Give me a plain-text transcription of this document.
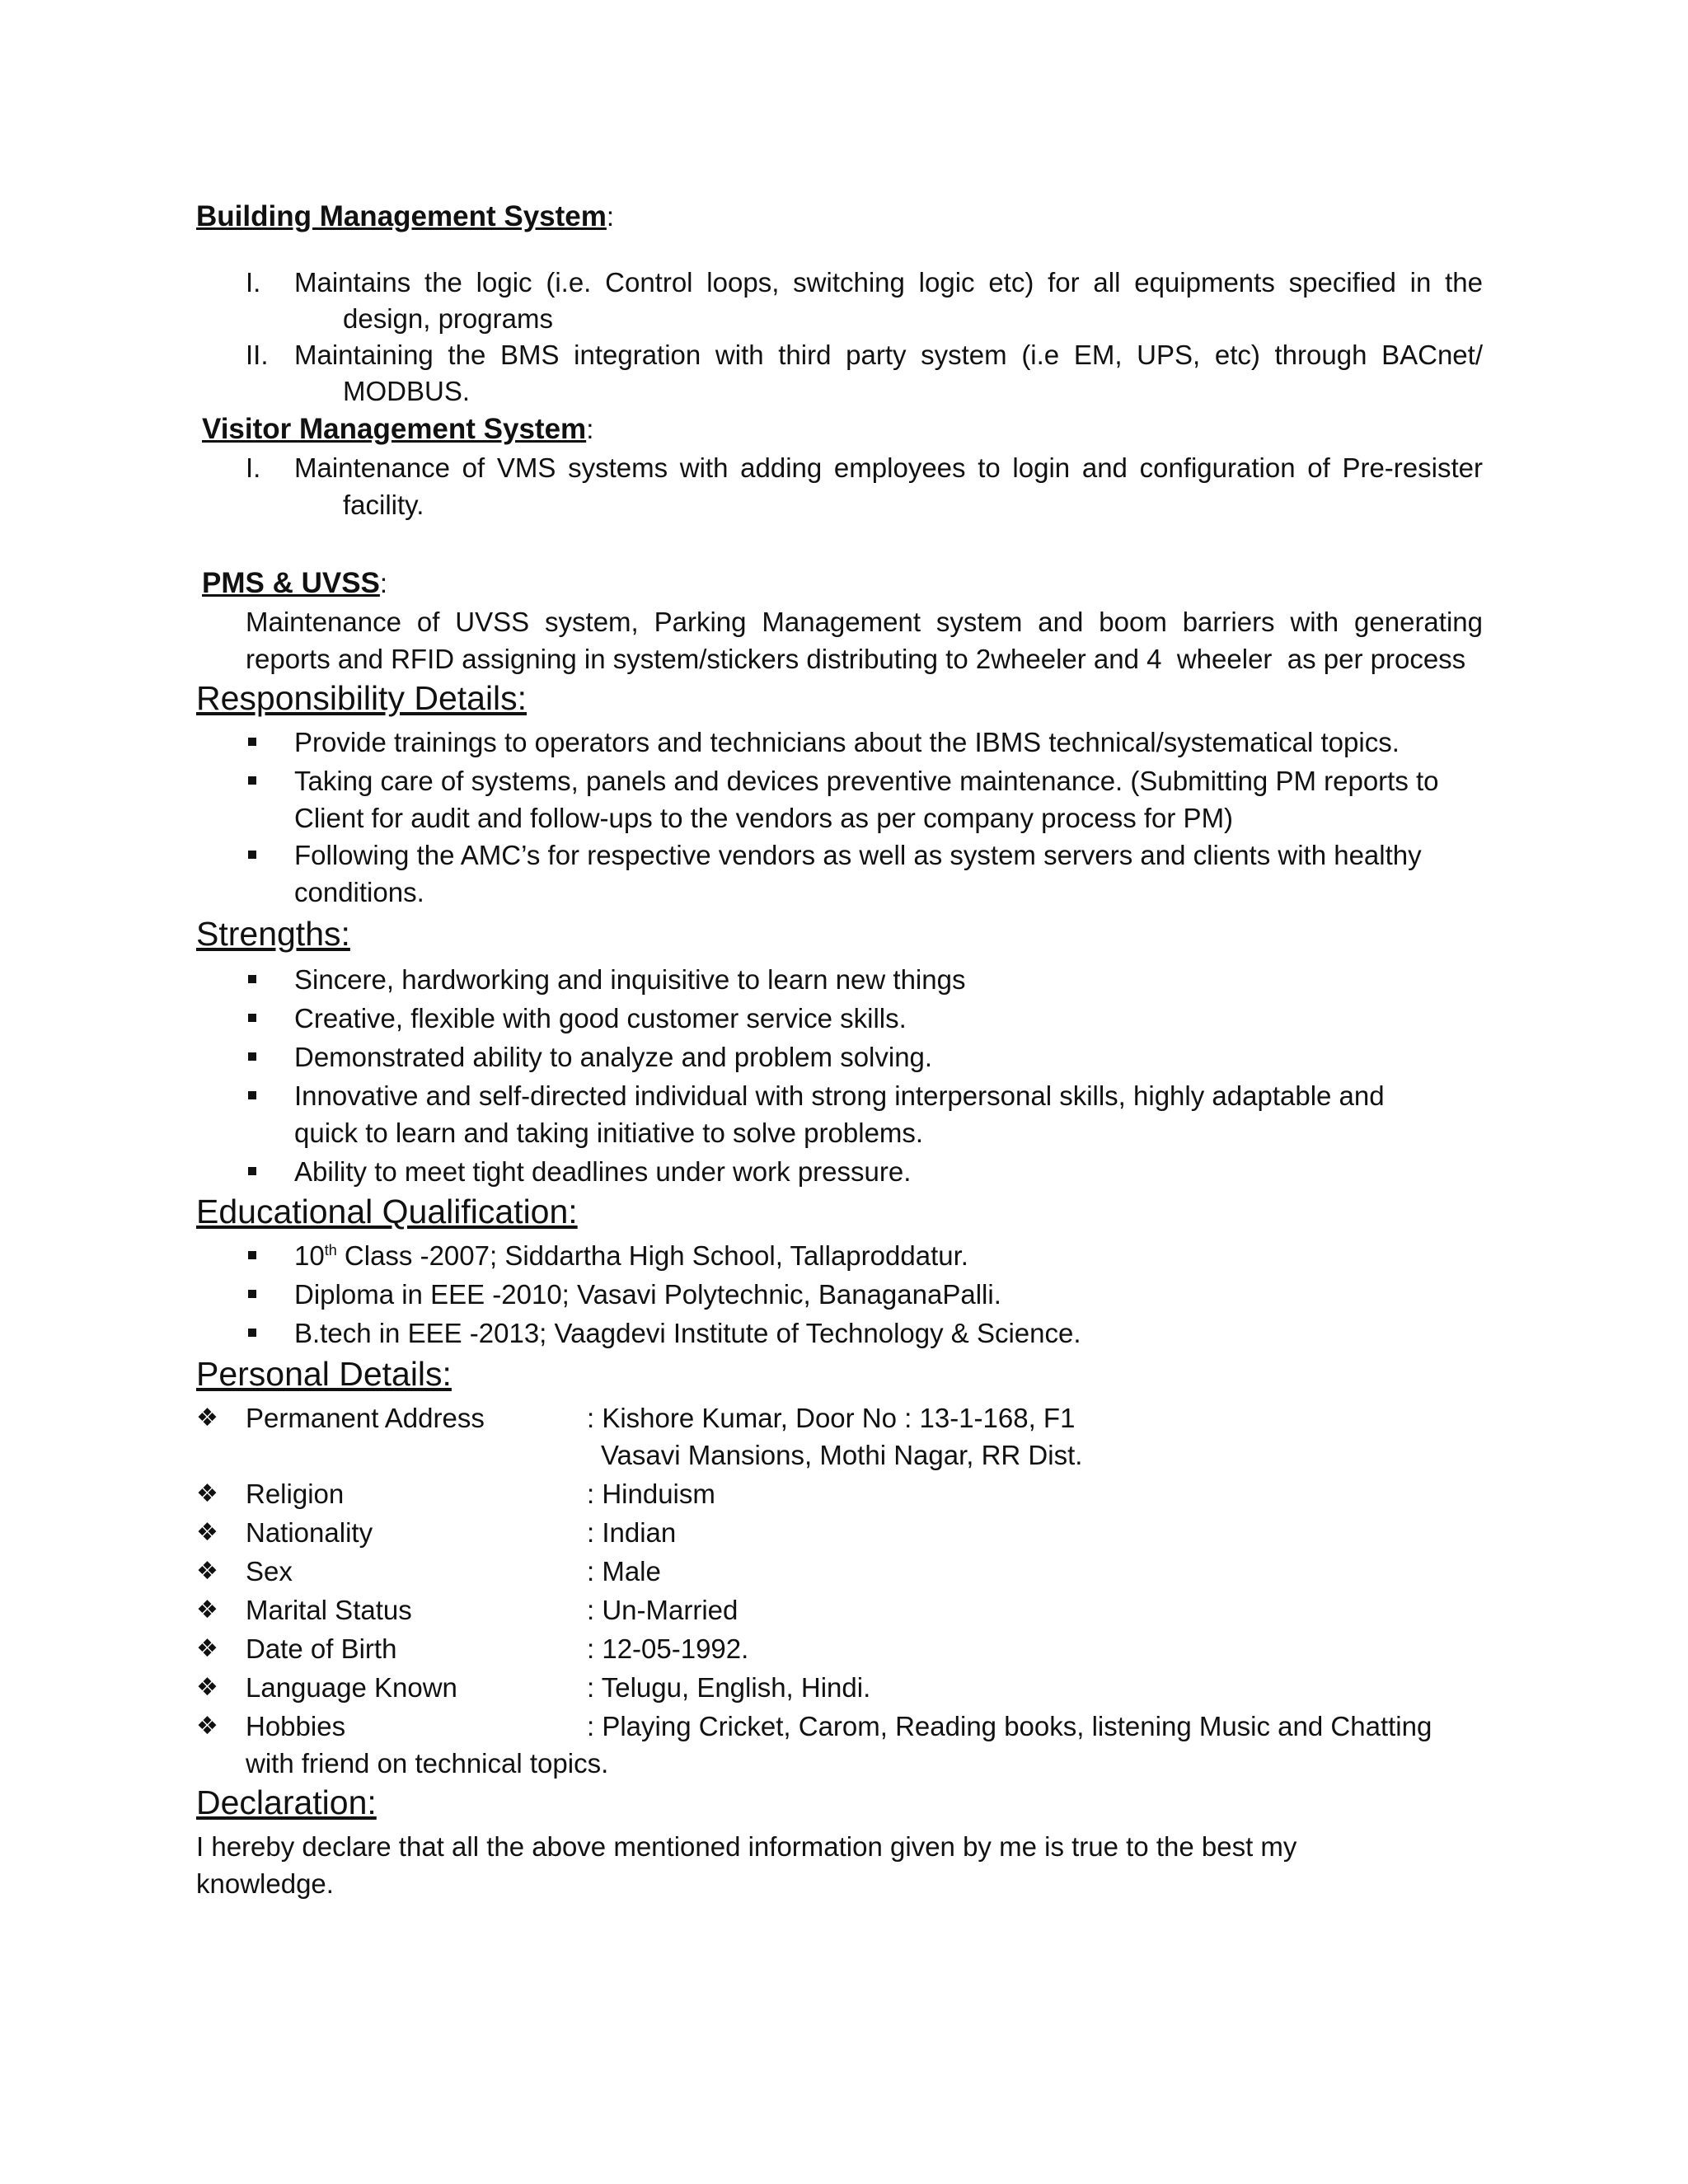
Building Management System:
I. Maintains the logic (i.e. Control loops, switching logic etc) for all equipments specified in the
design, programs
II. Maintaining the BMS integration with third party system (i.e EM, UPS, etc) through BACnet/
MODBUS.
Visitor Management System:
I. Maintenance of VMS systems with adding employees to login and configuration of Pre-resister
facility.
PMS & UVSS:
Maintenance of UVSS system, Parking Management system and boom barriers with generating
reports and RFID assigning in system/stickers distributing to 2wheeler and 4  wheeler  as per process
Responsibility Details:
Provide trainings to operators and technicians about the IBMS technical/systematical topics.
Taking care of systems, panels and devices preventive maintenance. (Submitting PM reports to
Client for audit and follow-ups to the vendors as per company process for PM)
Following the AMC’s for respective vendors as well as system servers and clients with healthy
conditions.
Strengths:
Sincere, hardworking and inquisitive to learn new things
Creative, flexible with good customer service skills.
Demonstrated ability to analyze and problem solving.
Innovative and self-directed individual with strong interpersonal skills, highly adaptable and
quick to learn and taking initiative to solve problems.
Ability to meet tight deadlines under work pressure.
Educational Qualification:
10th Class -2007; Siddartha High School, Tallaproddatur.
Diploma in EEE -2010; Vasavi Polytechnic, BanaganaPalli.
B.tech in EEE -2013; Vaagdevi Institute of Technology & Science.
Personal Details:
❖ Permanent Address	: Kishore Kumar, Door No : 13-1-168, F1
Vasavi Mansions, Mothi Nagar, RR Dist.
❖ Religion	: Hinduism
❖ Nationality	: Indian
❖ Sex	: Male
❖ Marital Status	: Un-Married
❖ Date of Birth	: 12-05-1992.
❖ Language Known	: Telugu, English, Hindi.
❖ Hobbies	: Playing Cricket, Carom, Reading books, listening Music and Chatting
with friend on technical topics.
Declaration:
I hereby declare that all the above mentioned information given by me is true to the best my
knowledge.
